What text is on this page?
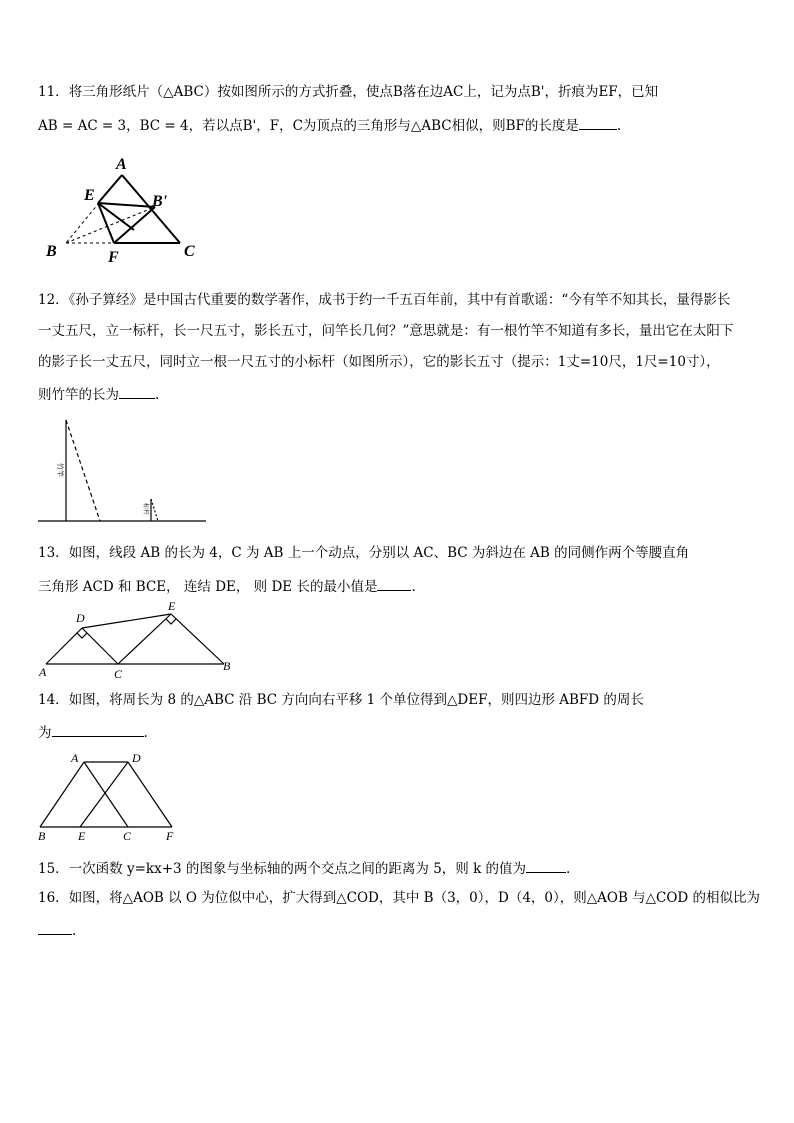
11．将三角形纸片（△ABC）按如图所示的方式折叠，使点B落在边AC上，记为点B'，折痕为EF，已知
AB = AC = 3，BC = 4，若以点B'，F，C为顶点的三角形与△ABC相似，则BF的长度是	.
A
E	B'
B	F	C
12．《孙子算经》是中国古代重要的数学著作，成书于约一千五百年前，其中有首歌谣：“今有竿不知其长，量得影长
一丈五尺，立一标杆，长一尺五寸，影长五寸，问竿长几何？”意思就是：有一根竹竿不知道有多长，量出它在太阳下
的影子长一丈五尺，同时立一根一尺五寸的小标杆（如图所示），它的影长五寸（提示：1丈=10尺，1尺=10寸），
则竹竿的长为	.
竹竿
标杆
13．如图，线段 AB 的长为 4，C 为 AB 上一个动点，分别以 AC、BC 为斜边在 AB 的同侧作两个等腰直角
三角形 ACD 和 BCE， 连结 DE， 则 DE 长的最小值是	.
D
E
A	C
B
14．如图，将周长为 8 的△ABC 沿 BC 方向向右平移 1 个单位得到△DEF，则四边形 ABFD 的周长
为	.
A	D
B	E	C	F
15．一次函数 y=kx+3 的图象与坐标轴的两个交点之间的距离为 5，则 k 的值为	.
16．如图，将△AOB 以 O 为位似中心，扩大得到△COD，其中 B（3，0），D（4，0），则△AOB 与△COD 的相似比为
.
